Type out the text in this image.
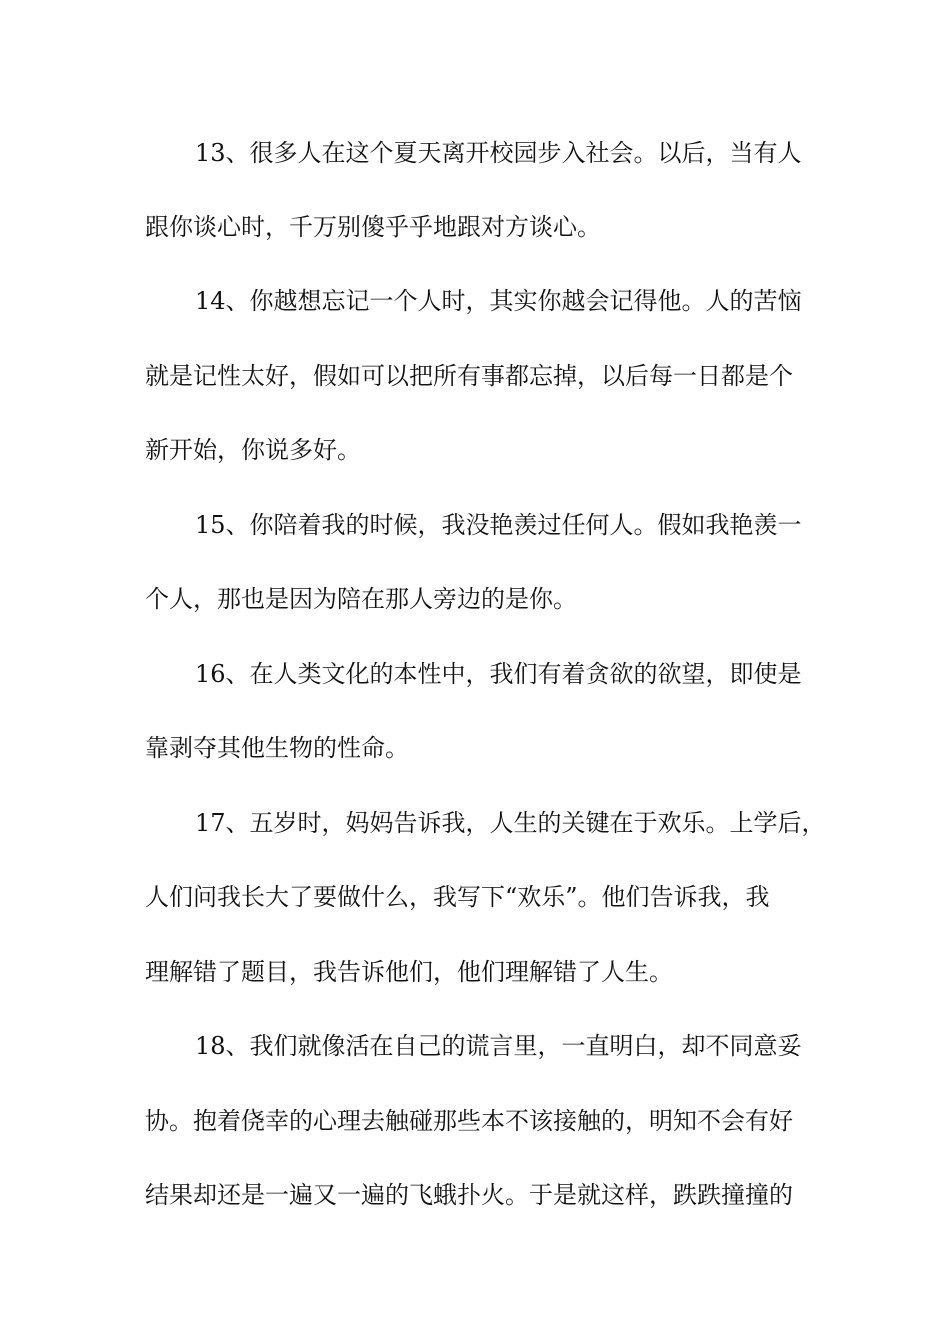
13、很多人在这个夏天离开校园步入社会。以后，当有人
跟你谈心时，千万别傻乎乎地跟对方谈心。
14、你越想忘记一个人时，其实你越会记得他。人的苦恼
就是记性太好，假如可以把所有事都忘掉，以后每一日都是个
新开始，你说多好。
15、你陪着我的时候，我没艳羡过任何人。假如我艳羡一
个人，那也是因为陪在那人旁边的是你。
16、在人类文化的本性中，我们有着贪欲的欲望，即使是
靠剥夺其他生物的性命。
17、五岁时，妈妈告诉我，人生的关键在于欢乐。上学后，
人们问我长大了要做什么，我写下“欢乐”。他们告诉我，我
理解错了题目，我告诉他们，他们理解错了人生。
18、我们就像活在自己的谎言里，一直明白，却不同意妥
协。抱着侥幸的心理去触碰那些本不该接触的，明知不会有好
结果却还是一遍又一遍的飞蛾扑火。于是就这样，跌跌撞撞的
